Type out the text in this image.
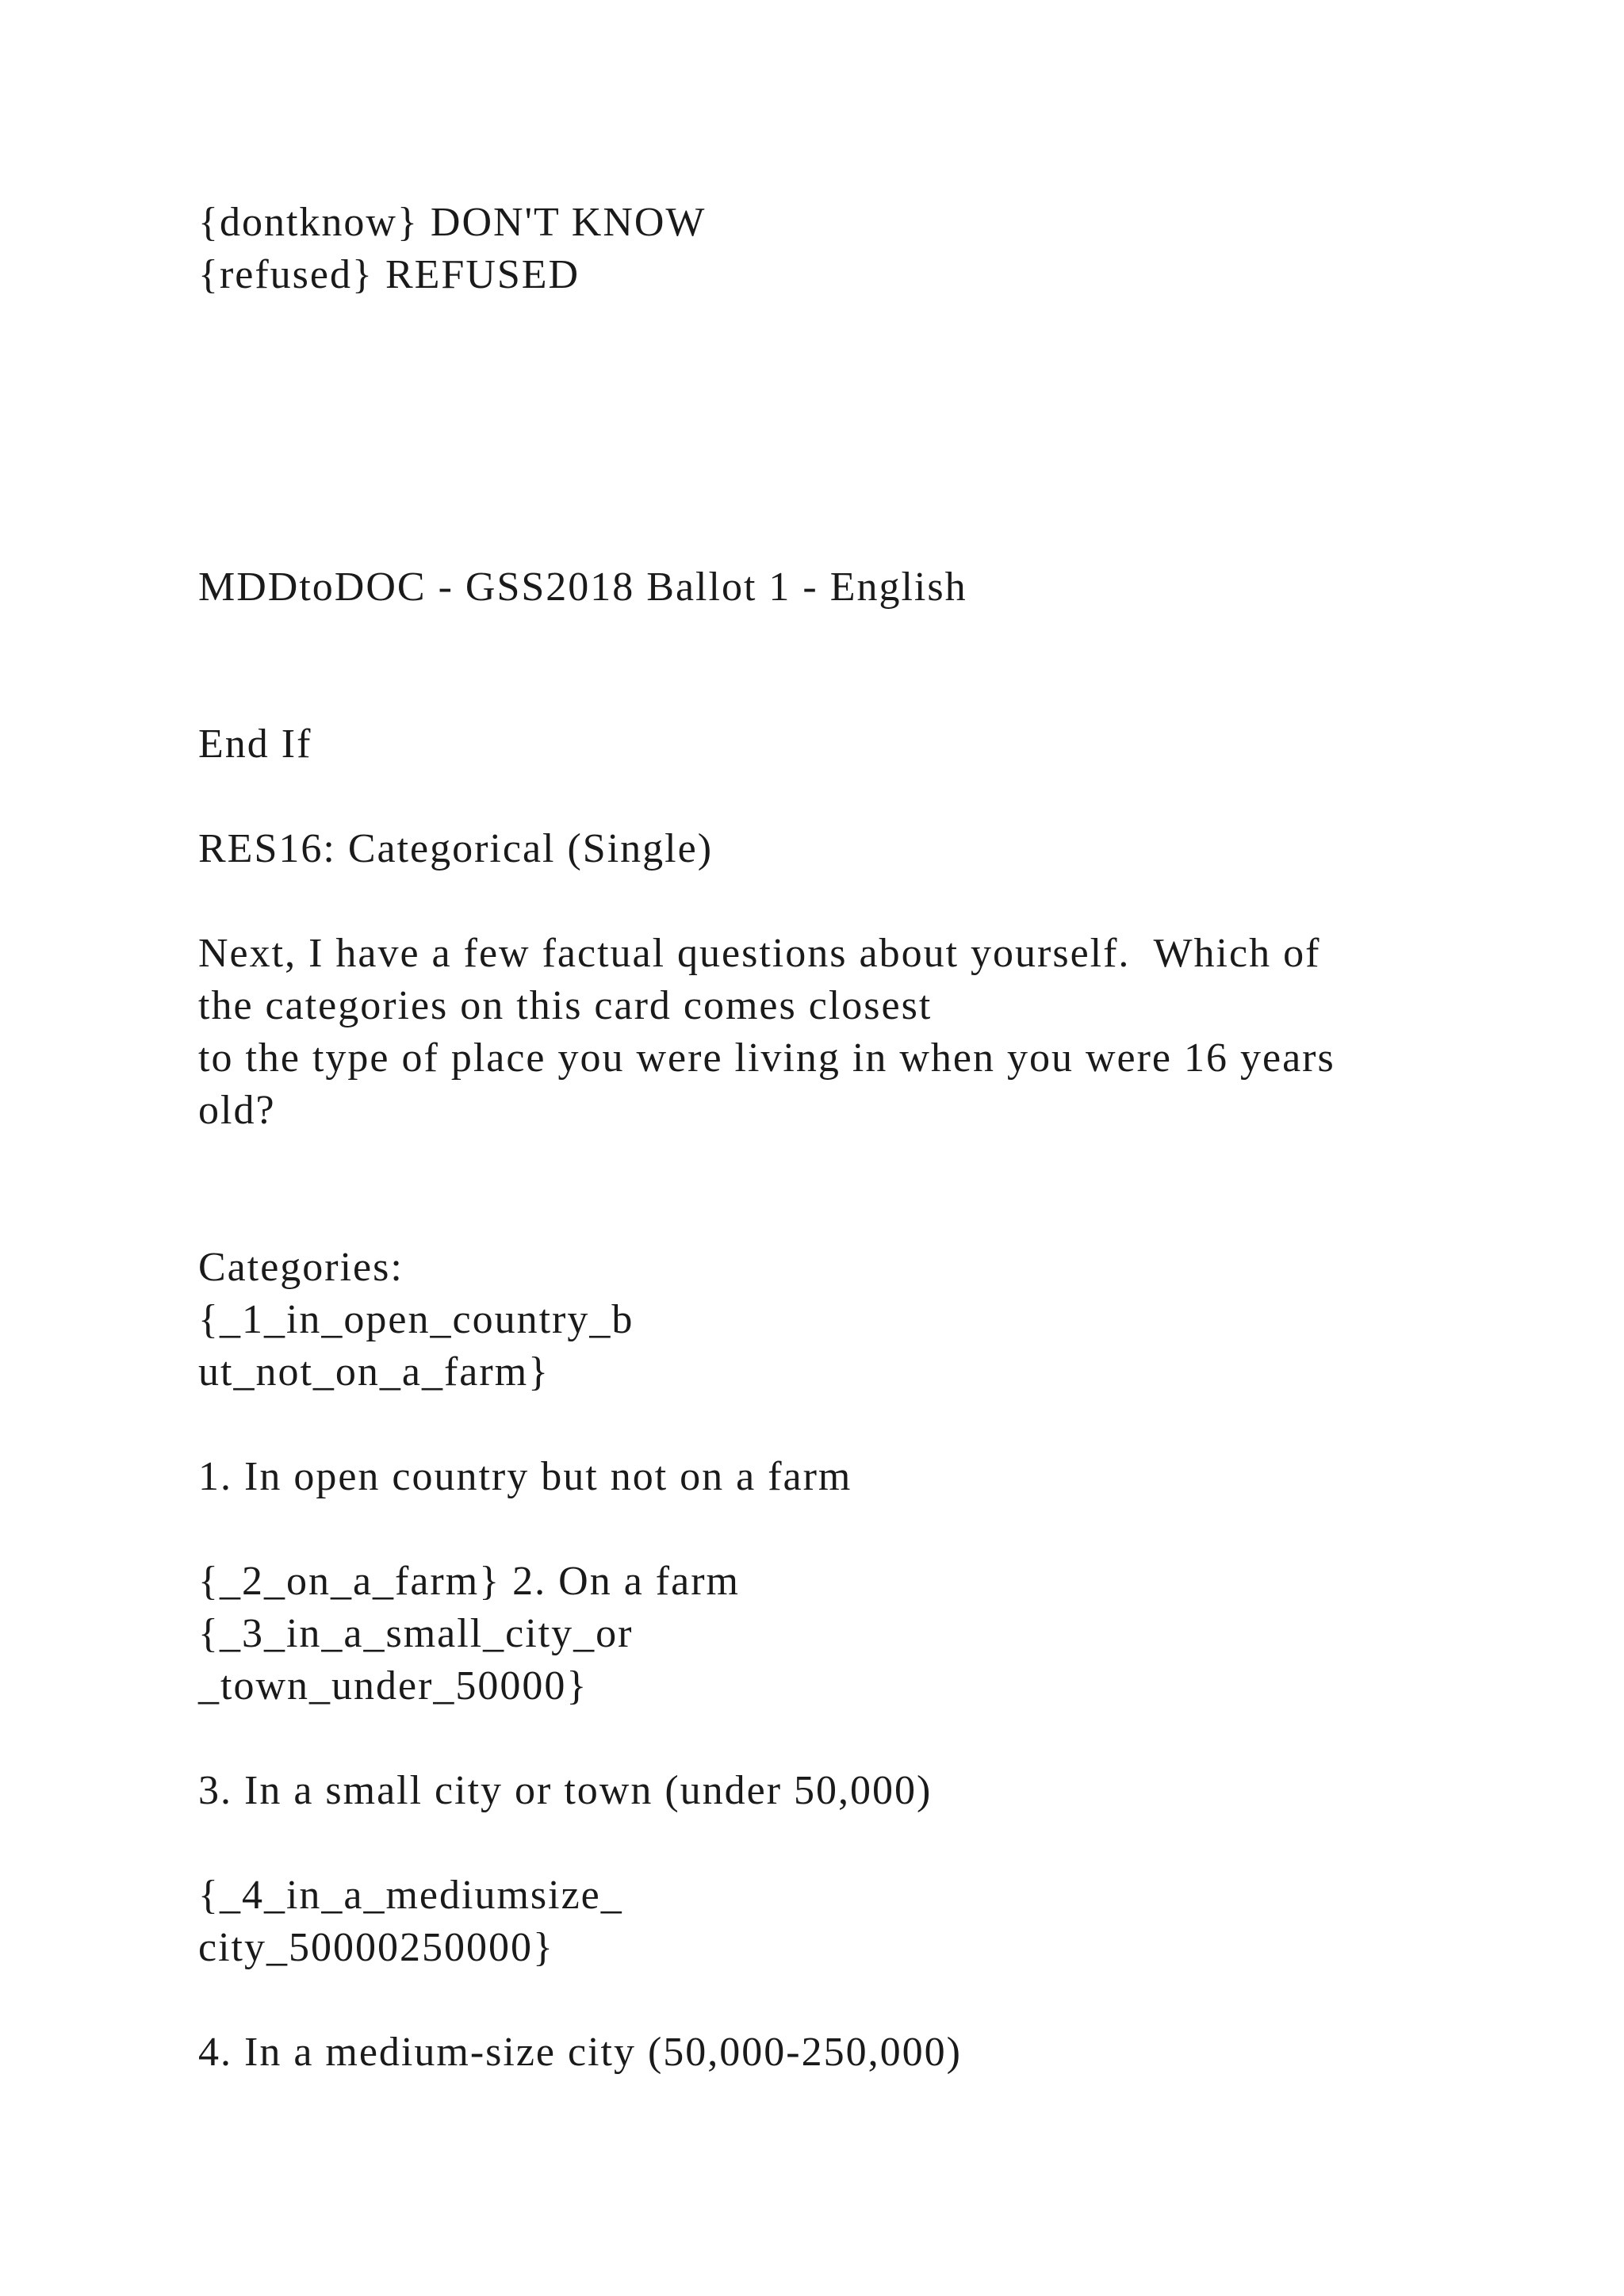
{dontknow} DON'T KNOW

{refused} REFUSED

MDDtoDOC - GSS2018 Ballot 1 - English

End If

RES16: Categorical (Single)

Next, I have a few factual questions about yourself.  Which of

the categories on this card comes closest

to the type of place you were living in when you were 16 years

old?

Categories:

{_1_in_open_country_b

ut_not_on_a_farm}

1. In open country but not on a farm

{_2_on_a_farm} 2. On a farm

{_3_in_a_small_city_or

_town_under_50000}

3. In a small city or town (under 50,000)

{_4_in_a_mediumsize_

city_50000250000}

4. In a medium-size city (50,000-250,000)
